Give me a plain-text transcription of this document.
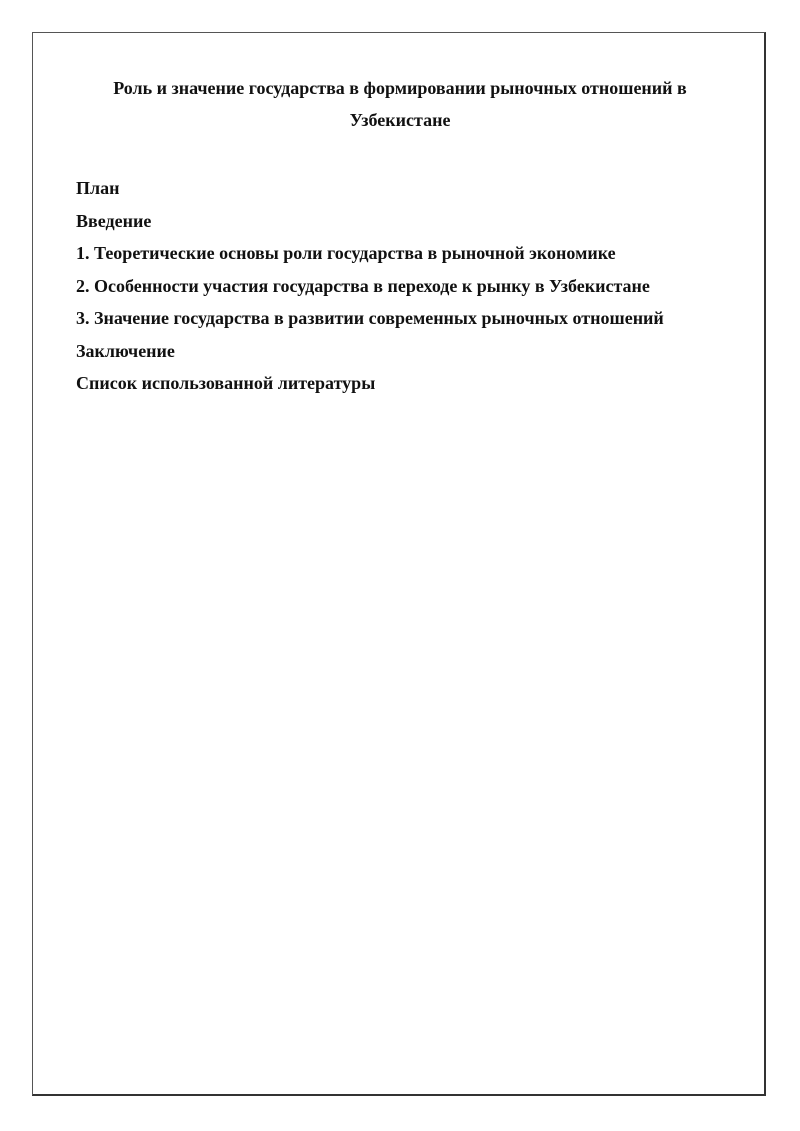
Роль и значение государства в формировании рыночных отношений в
Узбекистане
План
Введение
1. Теоретические основы роли государства в рыночной экономике
2. Особенности участия государства в переходе к рынку в Узбекистане
3. Значение государства в развитии современных рыночных отношений
Заключение
Список использованной литературы
